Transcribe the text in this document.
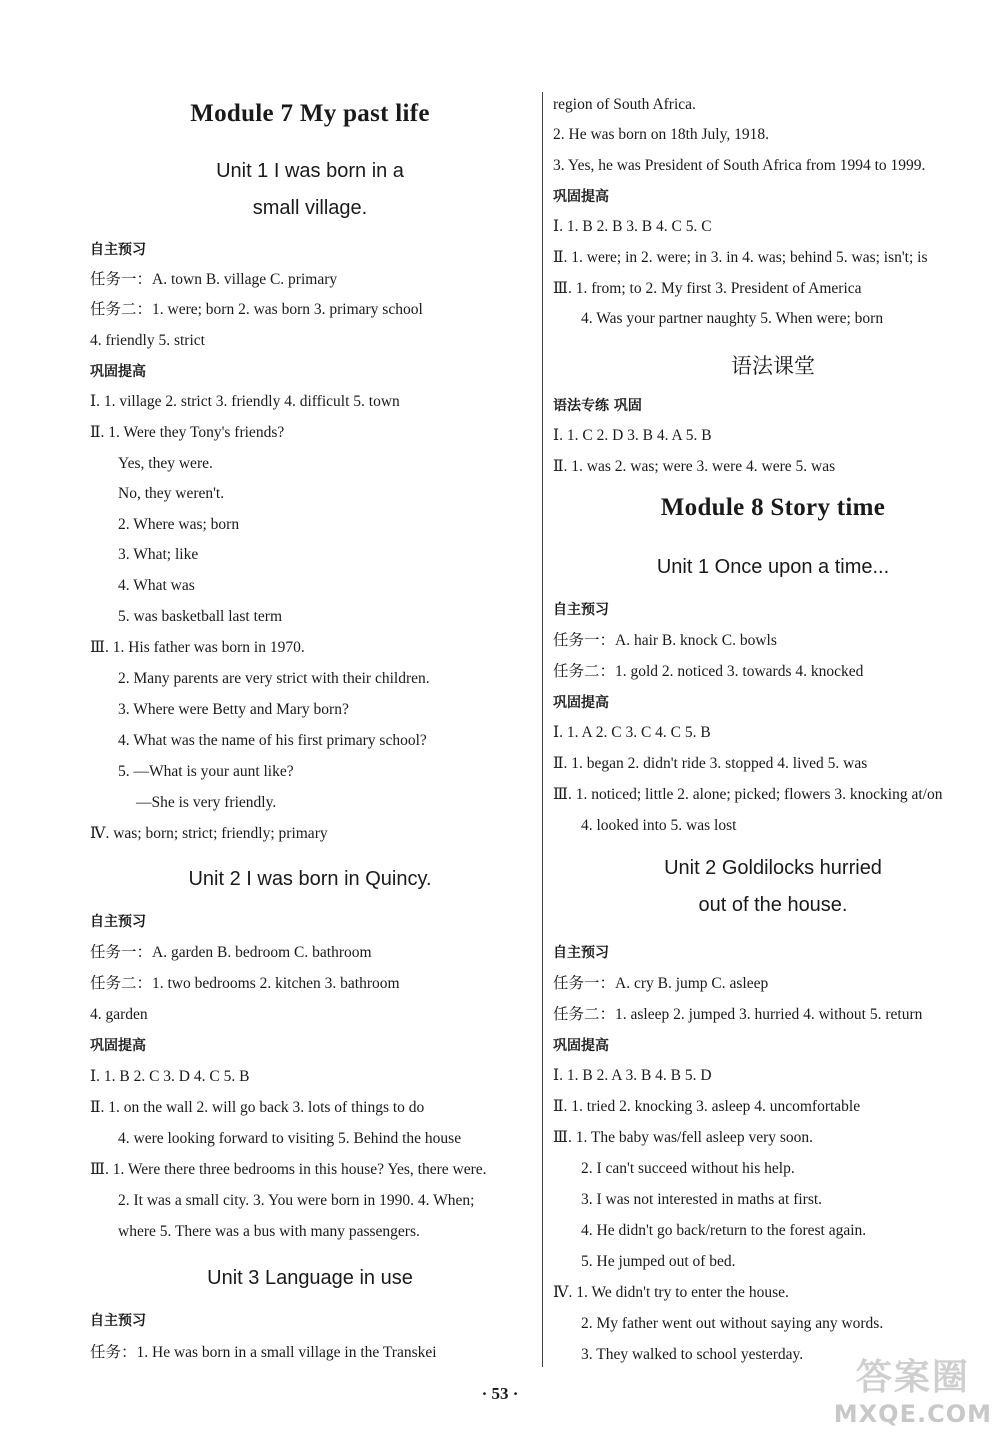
Module 7 My past life
Unit 1 I was born in a
small village.
自主预习
任务一：A. town B. village C. primary
任务二：1. were; born 2. was born 3. primary school
4. friendly 5. strict
巩固提高
Ⅰ. 1. village 2. strict 3. friendly 4. difficult 5. town
Ⅱ. 1. Were they Tony's friends?
Yes, they were.
No, they weren't.
2. Where was; born
3. What; like
4. What was
5. was basketball last term
Ⅲ. 1. His father was born in 1970.
2. Many parents are very strict with their children.
3. Where were Betty and Mary born?
4. What was the name of his first primary school?
5. —What is your aunt like?
—She is very friendly.
Ⅳ. was; born; strict; friendly; primary
Unit 2 I was born in Quincy.
自主预习
任务一：A. garden B. bedroom C. bathroom
任务二：1. two bedrooms 2. kitchen 3. bathroom
4. garden
巩固提高
Ⅰ. 1. B 2. C 3. D 4. C 5. B
Ⅱ. 1. on the wall 2. will go back 3. lots of things to do
4. were looking forward to visiting 5. Behind the house
Ⅲ. 1. Were there three bedrooms in this house? Yes, there were.
2. It was a small city. 3. You were born in 1990. 4. When;
where 5. There was a bus with many passengers.
Unit 3 Language in use
自主预习
任务：1. He was born in a small village in the Transkei
region of South Africa.
2. He was born on 18th July, 1918.
3. Yes, he was President of South Africa from 1994 to 1999.
巩固提高
Ⅰ. 1. B 2. B 3. B 4. C 5. C
Ⅱ. 1. were; in 2. were; in 3. in 4. was; behind 5. was; isn't; is
Ⅲ. 1. from; to 2. My first 3. President of America
4. Was your partner naughty 5. When were; born
语法课堂
语法专练 巩固
Ⅰ. 1. C 2. D 3. B 4. A 5. B
Ⅱ. 1. was 2. was; were 3. were 4. were 5. was
Module 8 Story time
Unit 1 Once upon a time...
自主预习
任务一：A. hair B. knock C. bowls
任务二：1. gold 2. noticed 3. towards 4. knocked
巩固提高
Ⅰ. 1. A 2. C 3. C 4. C 5. B
Ⅱ. 1. began 2. didn't ride 3. stopped 4. lived 5. was
Ⅲ. 1. noticed; little 2. alone; picked; flowers 3. knocking at/on
4. looked into 5. was lost
Unit 2 Goldilocks hurried
out of the house.
自主预习
任务一：A. cry B. jump C. asleep
任务二：1. asleep 2. jumped 3. hurried 4. without 5. return
巩固提高
Ⅰ. 1. B 2. A 3. B 4. B 5. D
Ⅱ. 1. tried 2. knocking 3. asleep 4. uncomfortable
Ⅲ. 1. The baby was/fell asleep very soon.
2. I can't succeed without his help.
3. I was not interested in maths at first.
4. He didn't go back/return to the forest again.
5. He jumped out of bed.
Ⅳ. 1. We didn't try to enter the house.
2. My father went out without saying any words.
3. They walked to school yesterday.
· 53 ·	答案圈
MXQE.COM
